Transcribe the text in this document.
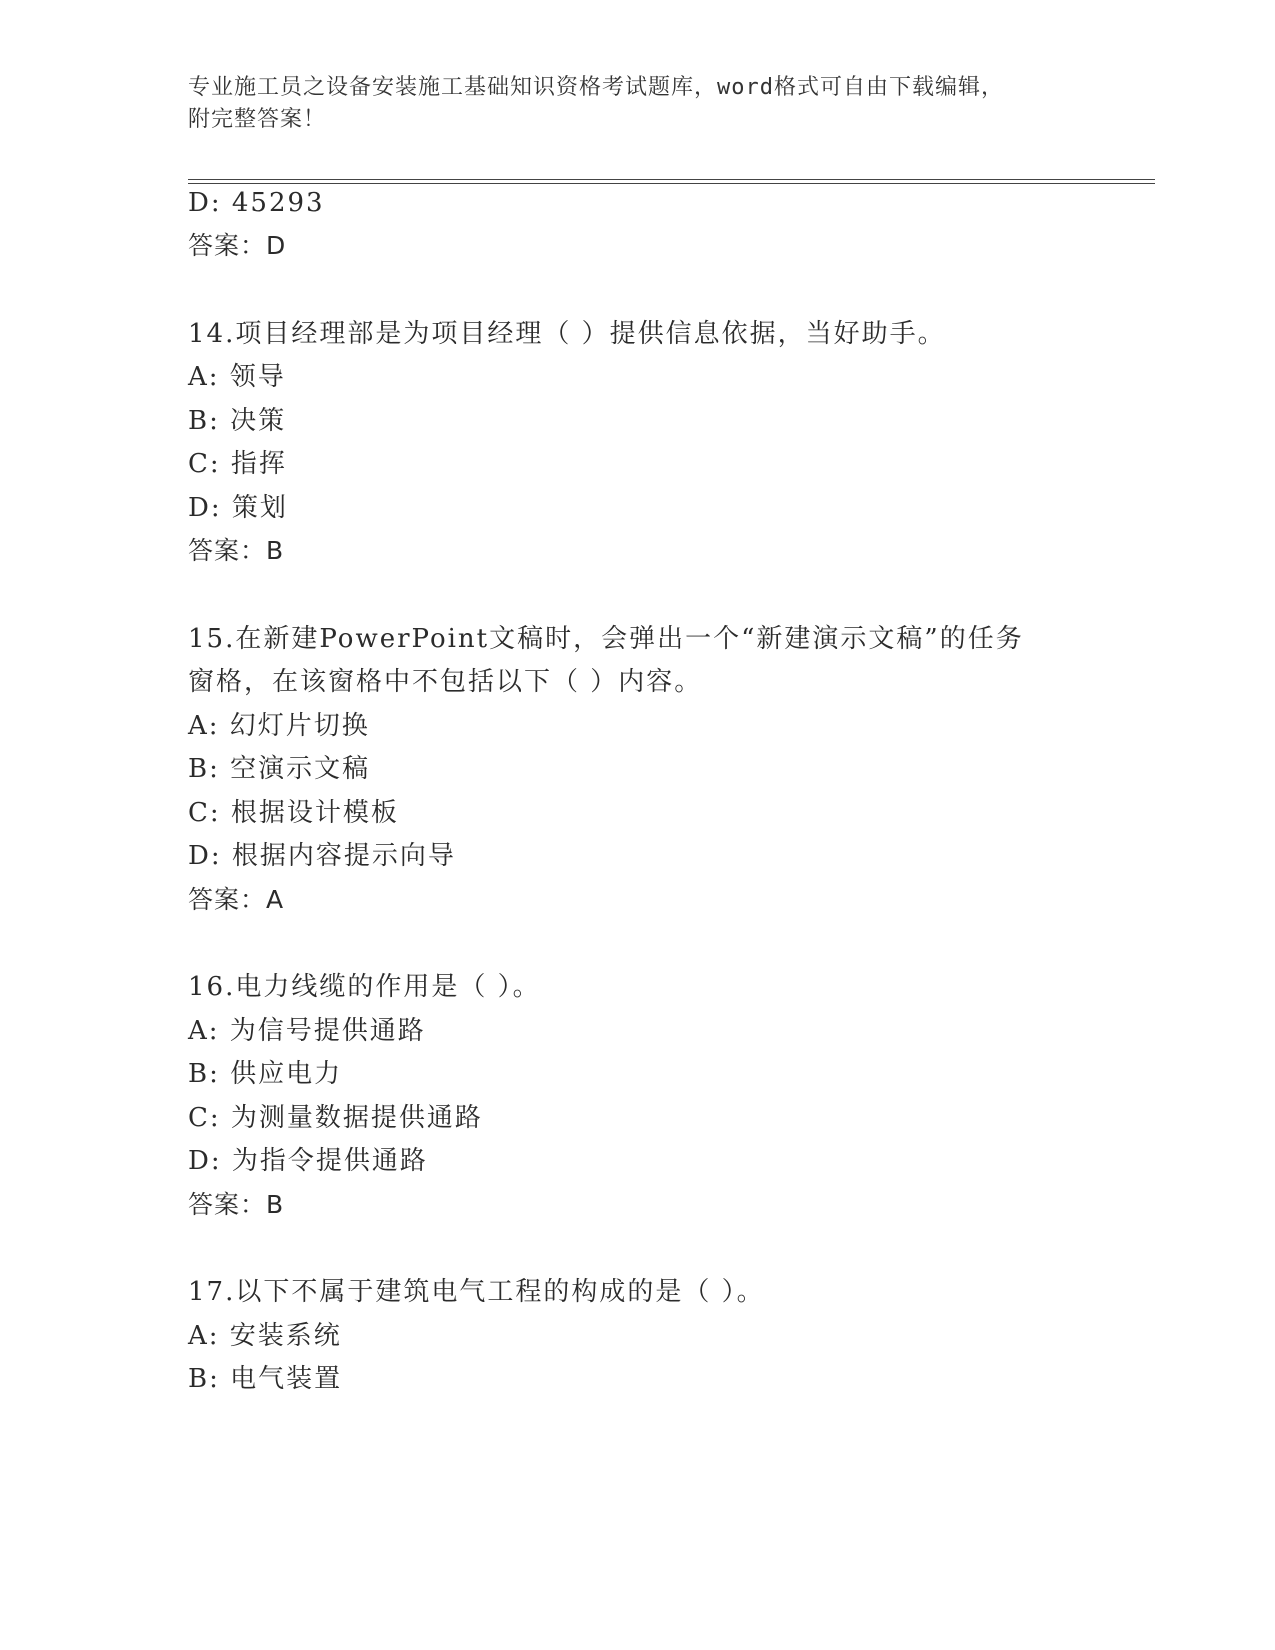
专业施工员之设备安装施工基础知识资格考试题库，word格式可自由下载编辑，
附完整答案！
D: 45293
答案：D
14.项目经理部是为项目经理（ ）提供信息依据，当好助手。
A: 领导
B: 决策
C: 指挥
D: 策划
答案：B
15.在新建PowerPoint文稿时，会弹出一个“新建演示文稿”的任务
窗格，在该窗格中不包括以下（ ）内容。
A: 幻灯片切换
B: 空演示文稿
C: 根据设计模板
D: 根据内容提示向导
答案：A
16.电力线缆的作用是（ ）。
A: 为信号提供通路
B: 供应电力
C: 为测量数据提供通路
D: 为指令提供通路
答案：B
17.以下不属于建筑电气工程的构成的是（ ）。
A: 安装系统
B: 电气装置
